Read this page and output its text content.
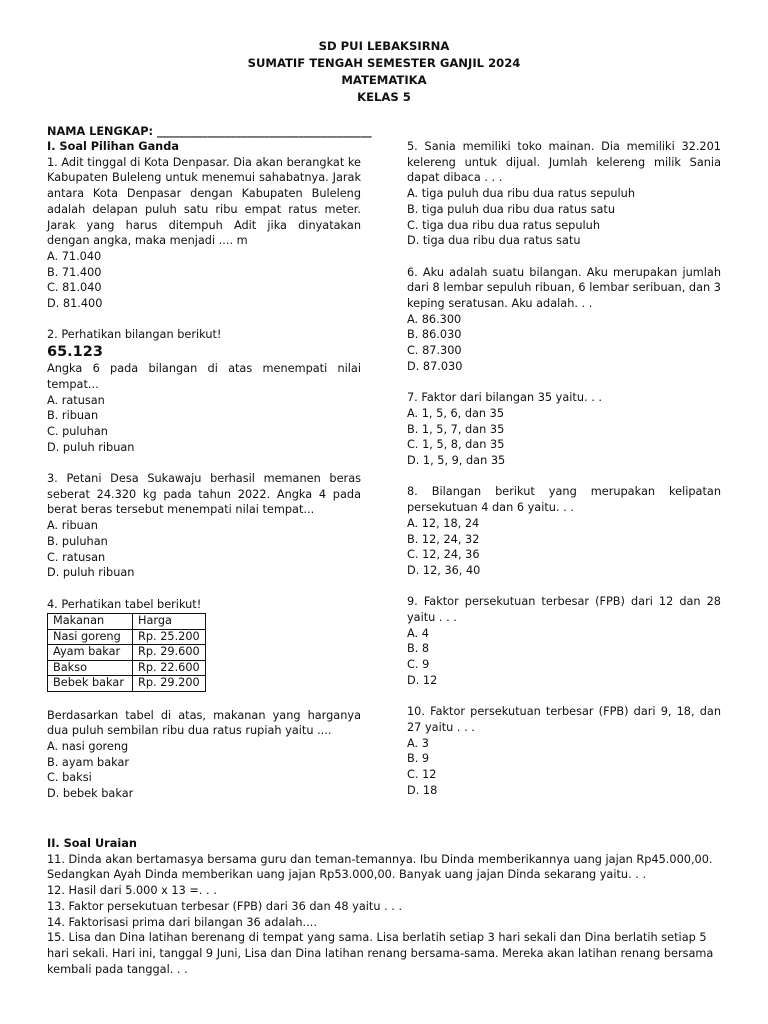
SD PUI LEBAKSIRNA
SUMATIF TENGAH SEMESTER GANJIL 2024
MATEMATIKA
KELAS 5
NAMA LENGKAP: ______________________________________
I. Soal Pilihan Ganda

1. Adit tinggal di Kota Denpasar. Dia akan berangkat ke Kabupaten Buleleng untuk menemui sahabatnya. Jarak antara Kota Denpasar dengan Kabupaten Buleleng adalah delapan puluh satu ribu empat ratus meter. Jarak yang harus ditempuh Adit jika dinyatakan dengan angka, maka menjadi .... m

A. 71.040
B. 71.400
C. 81.040
D. 81.400

2. Perhatikan bilangan berikut!

65.123

Angka 6 pada bilangan di atas menempati nilai tempat...

A. ratusan
B. ribuan
C. puluhan
D. puluh ribuan

3. Petani Desa Sukawaju berhasil memanen beras seberat 24.320 kg pada tahun 2022. Angka 4 pada berat beras tersebut menempati nilai tempat...

A. ribuan
B. puluhan
C. ratusan
D. puluh ribuan

4. Perhatikan tabel berikut!

Makanan	Harga
Nasi goreng	Rp. 25.200
Ayam bakar	Rp. 29.600
Bakso	Rp. 22.600
Bebek bakar	Rp. 29.200

Berdasarkan tabel di atas, makanan yang harganya dua puluh sembilan ribu dua ratus rupiah yaitu ....

A. nasi goreng
B. ayam bakar
C. baksi
D. bebek bakar

5. Sania memiliki toko mainan. Dia memiliki 32.201 kelereng untuk dijual. Jumlah kelereng milik Sania dapat dibaca . . .

A. tiga puluh dua ribu dua ratus sepuluh
B. tiga puluh dua ribu dua ratus satu
C. tiga dua ribu dua ratus sepuluh
D. tiga dua ribu dua ratus satu

6. Aku adalah suatu bilangan. Aku merupakan jumlah dari 8 lembar sepuluh ribuan, 6 lembar seribuan, dan 3 keping seratusan. Aku adalah. . .

A. 86.300
B. 86.030
C. 87.300
D. 87.030

7. Faktor dari bilangan 35 yaitu. . .

A. 1, 5, 6, dan 35
B. 1, 5, 7, dan 35
C. 1, 5, 8, dan 35
D. 1, 5, 9, dan 35

8. Bilangan berikut yang merupakan kelipatan persekutuan 4 dan 6 yaitu. . .

A. 12, 18, 24
B. 12, 24, 32
C. 12, 24, 36
D. 12, 36, 40

9. Faktor persekutuan terbesar (FPB) dari 12 dan 28 yaitu . . .

A. 4
B. 8
C. 9
D. 12

10. Faktor persekutuan terbesar (FPB) dari 9, 18, dan 27 yaitu . . .

A. 3
B. 9
C. 12
D. 18
II. Soal Uraian

11. Dinda akan bertamasya bersama guru dan teman-temannya. Ibu Dinda memberikannya uang jajan Rp45.000,00. Sedangkan Ayah Dinda memberikan uang jajan Rp53.000,00. Banyak uang jajan Dinda sekarang yaitu. . .

12. Hasil dari 5.000 x 13 =. . .

13. Faktor persekutuan terbesar (FPB) dari 36 dan 48 yaitu . . .

14. Faktorisasi prima dari bilangan 36 adalah....

15. Lisa dan Dina latihan berenang di tempat yang sama. Lisa berlatih setiap 3 hari sekali dan Dina berlatih setiap 5 hari sekali. Hari ini, tanggal 9 Juni, Lisa dan Dina latihan renang bersama-sama. Mereka akan latihan renang bersama kembali pada tanggal. . .
